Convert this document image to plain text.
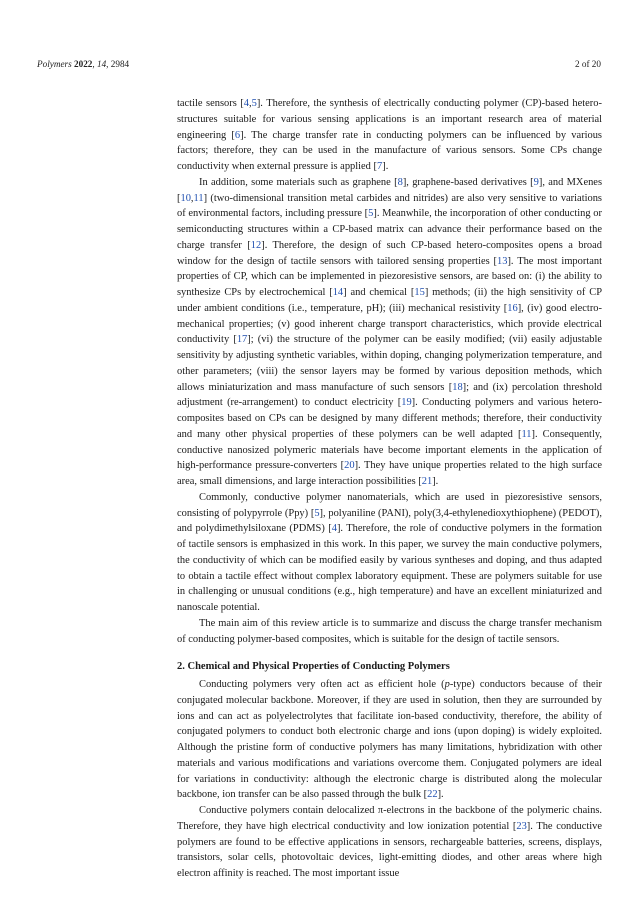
Polymers 2022, 14, 2984	2 of 20

tactile sensors [4,5]. Therefore, the synthesis of electrically conducting polymer (CP)-based hetero-structures suitable for various sensing applications is an important research area of material engineering [6]. The charge transfer rate in conducting polymers can be influenced by various factors; therefore, they can be used in the manufacture of various sensors. Some CPs change conductivity when external pressure is applied [7].

In addition, some materials such as graphene [8], graphene-based derivatives [9], and MXenes [10,11] (two-dimensional transition metal carbides and nitrides) are also very sensitive to variations of environmental factors, including pressure [5]. Meanwhile, the incorporation of other conducting or semiconducting structures within a CP-based matrix can advance their performance based on the charge transfer [12]. Therefore, the design of such CP-based hetero-composites opens a broad window for the design of tactile sensors with tailored sensing properties [13]. The most important properties of CP, which can be implemented in piezoresistive sensors, are based on: (i) the ability to synthesize CPs by electrochemical [14] and chemical [15] methods; (ii) the high sensitivity of CP under ambient conditions (i.e., temperature, pH); (iii) mechanical resistivity [16], (iv) good electro-mechanical properties; (v) good inherent charge transport characteristics, which provide electrical conductivity [17]; (vi) the structure of the polymer can be easily modified; (vii) easily adjustable sensitivity by adjusting synthetic variables, within doping, changing polymerization temperature, and other parameters; (viii) the sensor layers may be formed by various deposition methods, which allows miniaturization and mass manufacture of such sensors [18]; and (ix) percolation threshold adjustment (re-arrangement) to conduct electricity [19]. Conducting polymers and various hetero-composites based on CPs can be designed by many different methods; therefore, their conductivity and many other physical properties of these polymers can be well adapted [11]. Consequently, conductive nanosized polymeric materials have become important elements in the application of high-performance pressure-converters [20]. They have unique properties related to the high surface area, small dimensions, and large interaction possibilities [21].

Commonly, conductive polymer nanomaterials, which are used in piezoresistive sensors, consisting of polypyrrole (Ppy) [5], polyaniline (PANI), poly(3,4-ethylenedioxythiophene) (PEDOT), and polydimethylsiloxane (PDMS) [4]. Therefore, the role of conductive polymers in the formation of tactile sensors is emphasized in this work. In this paper, we survey the main conductive polymers, the conductivity of which can be modified easily by various syntheses and doping, and thus adapted to obtain a tactile effect without complex laboratory equipment. These are polymers suitable for use in challenging or unusual conditions (e.g., high temperature) and have an excellent miniaturized and nanoscale potential.

The main aim of this review article is to summarize and discuss the charge transfer mechanism of conducting polymer-based composites, which is suitable for the design of tactile sensors.

2. Chemical and Physical Properties of Conducting Polymers

Conducting polymers very often act as efficient hole (p-type) conductors because of their conjugated molecular backbone. Moreover, if they are used in solution, then they are surrounded by ions and can act as polyelectrolytes that facilitate ion-based conductivity, therefore, the ability of conjugated polymers to conduct both electronic charge and ions (upon doping) is widely exploited. Although the pristine form of conductive polymers has many limitations, hybridization with other materials and various modifications and variations overcome them. Conjugated polymers are ideal for variations in conductivity: although the electronic charge is distributed along the molecular backbone, ion transfer can be also passed through the bulk [22].

Conductive polymers contain delocalized π-electrons in the backbone of the polymeric chains. Therefore, they have high electrical conductivity and low ionization potential [23]. The conductive polymers are found to be effective applications in sensors, rechargeable batteries, screens, displays, transistors, solar cells, photovoltaic devices, light-emitting diodes, and other areas where high electron affinity is reached. The most important issue
